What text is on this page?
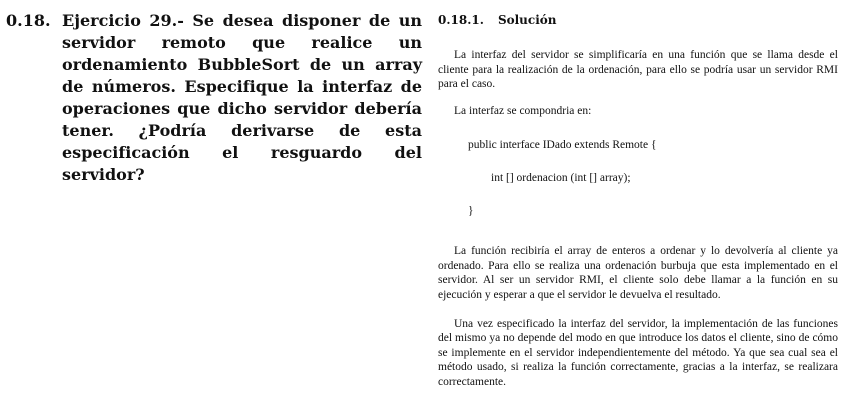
0.18. Ejercicio 29.- Se desea disponer de un servidor remoto que realice un ordenamiento BubbleSort de un array de números. Especifique la interfaz de operaciones que dicho servidor debería tener. ¿Podría derivarse de esta especificación el resguardo del servidor?
0.18.1. Solución

La interfaz del servidor se simplificaría en una función que se llama desde el cliente para la realización de la ordenación, para ello se podría usar un servidor RMI para el caso.

La interfaz se compondria en:

public interface IDado extends Remote {
int [] ordenacion (int [] array);
}

La función recibiría el array de enteros a ordenar y lo devolvería al cliente ya ordenado. Para ello se realiza una ordenación burbuja que esta implementado en el servidor. Al ser un servidor RMI, el cliente solo debe llamar a la función en su ejecución y esperar a que el servidor le devuelva el resultado.

Una vez especificado la interfaz del servidor, la implementación de las funciones del mismo ya no depende del modo en que introduce los datos el cliente, sino de cómo se implemente en el servidor independientemente del método. Ya que sea cual sea el método usado, si realiza la función correctamente, gracias a la interfaz, se realizara correctamente.
